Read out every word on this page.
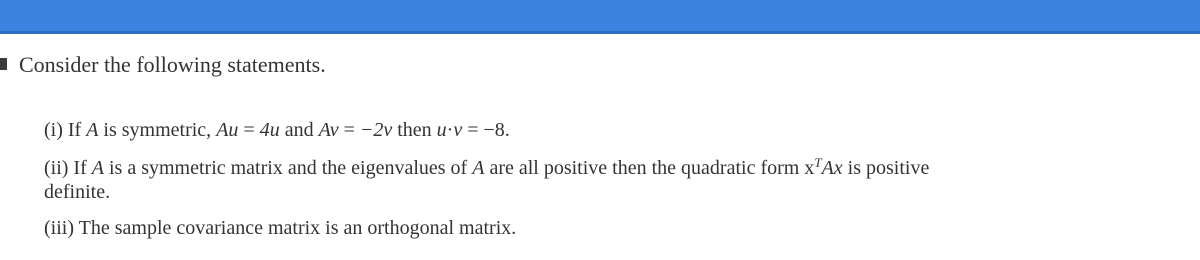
Consider the following statements.
(i) If A is symmetric, Au = 4u and Av = −2v then u·v = −8.
(ii) If A is a symmetric matrix and the eigenvalues of A are all positive then the quadratic form $x^TAx$ is positive
definite.
(iii) The sample covariance matrix is an orthogonal matrix.
